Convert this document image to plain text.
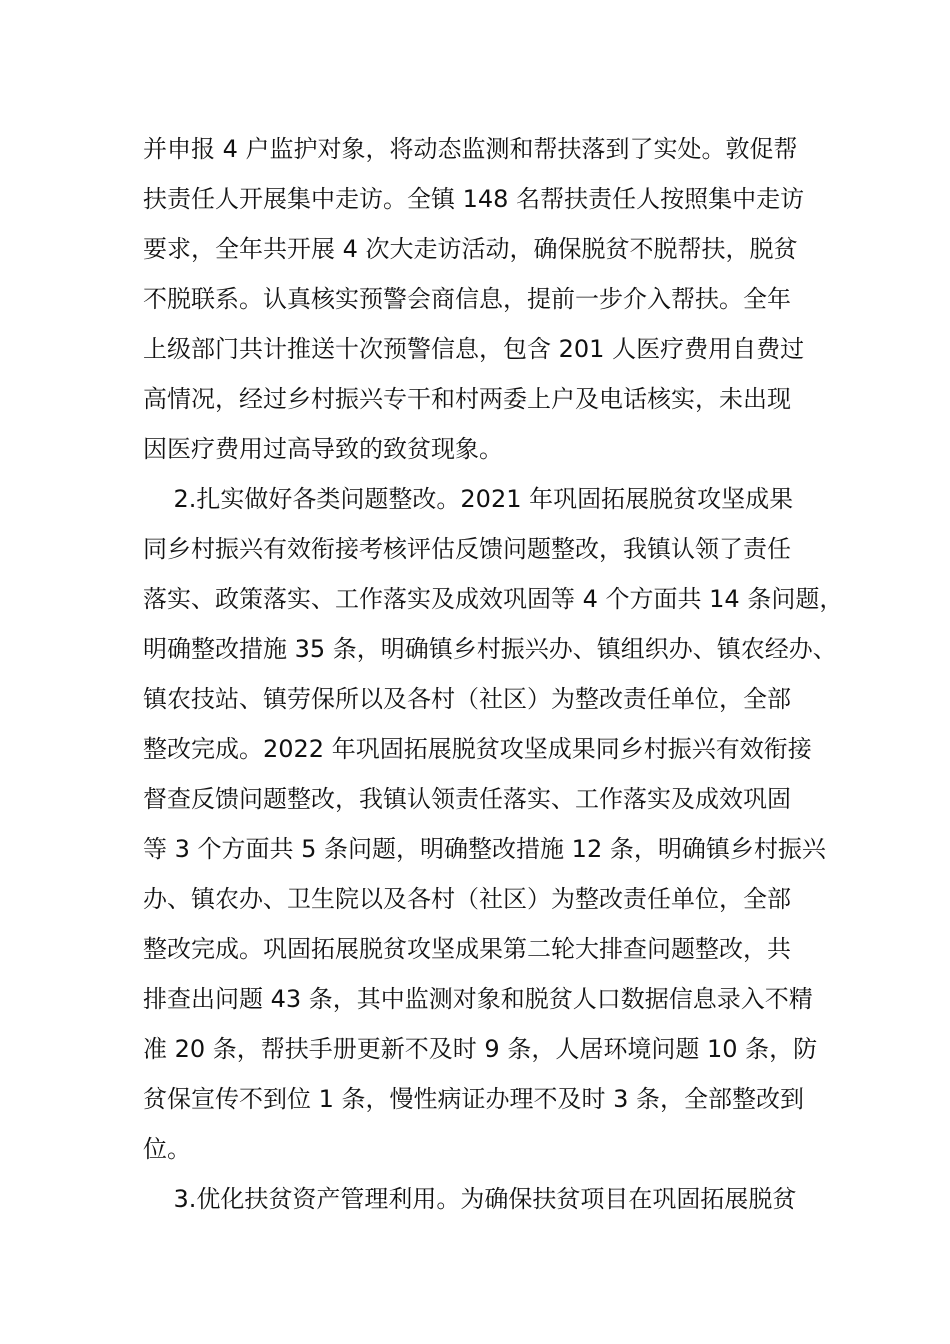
并申报 4 户监护对象，将动态监测和帮扶落到了实处。敦促帮
扶责任人开展集中走访。全镇 148 名帮扶责任人按照集中走访
要求，全年共开展 4 次大走访活动，确保脱贫不脱帮扶，脱贫
不脱联系。认真核实预警会商信息，提前一步介入帮扶。全年
上级部门共计推送十次预警信息，包含 201 人医疗费用自费过
高情况，经过乡村振兴专干和村两委上户及电话核实，未出现
因医疗费用过高导致的致贫现象。
2.扎实做好各类问题整改。2021 年巩固拓展脱贫攻坚成果
同乡村振兴有效衔接考核评估反馈问题整改，我镇认领了责任
落实、政策落实、工作落实及成效巩固等 4 个方面共 14 条问题，
明确整改措施 35 条，明确镇乡村振兴办、镇组织办、镇农经办、
镇农技站、镇劳保所以及各村（社区）为整改责任单位，全部
整改完成。2022 年巩固拓展脱贫攻坚成果同乡村振兴有效衔接
督查反馈问题整改，我镇认领责任落实、工作落实及成效巩固
等 3 个方面共 5 条问题，明确整改措施 12 条，明确镇乡村振兴
办、镇农办、卫生院以及各村（社区）为整改责任单位，全部
整改完成。巩固拓展脱贫攻坚成果第二轮大排查问题整改，共
排查出问题 43 条，其中监测对象和脱贫人口数据信息录入不精
准 20 条，帮扶手册更新不及时 9 条，人居环境问题 10 条，防
贫保宣传不到位 1 条，慢性病证办理不及时 3 条，全部整改到
位。
3.优化扶贫资产管理利用。为确保扶贫项目在巩固拓展脱贫
